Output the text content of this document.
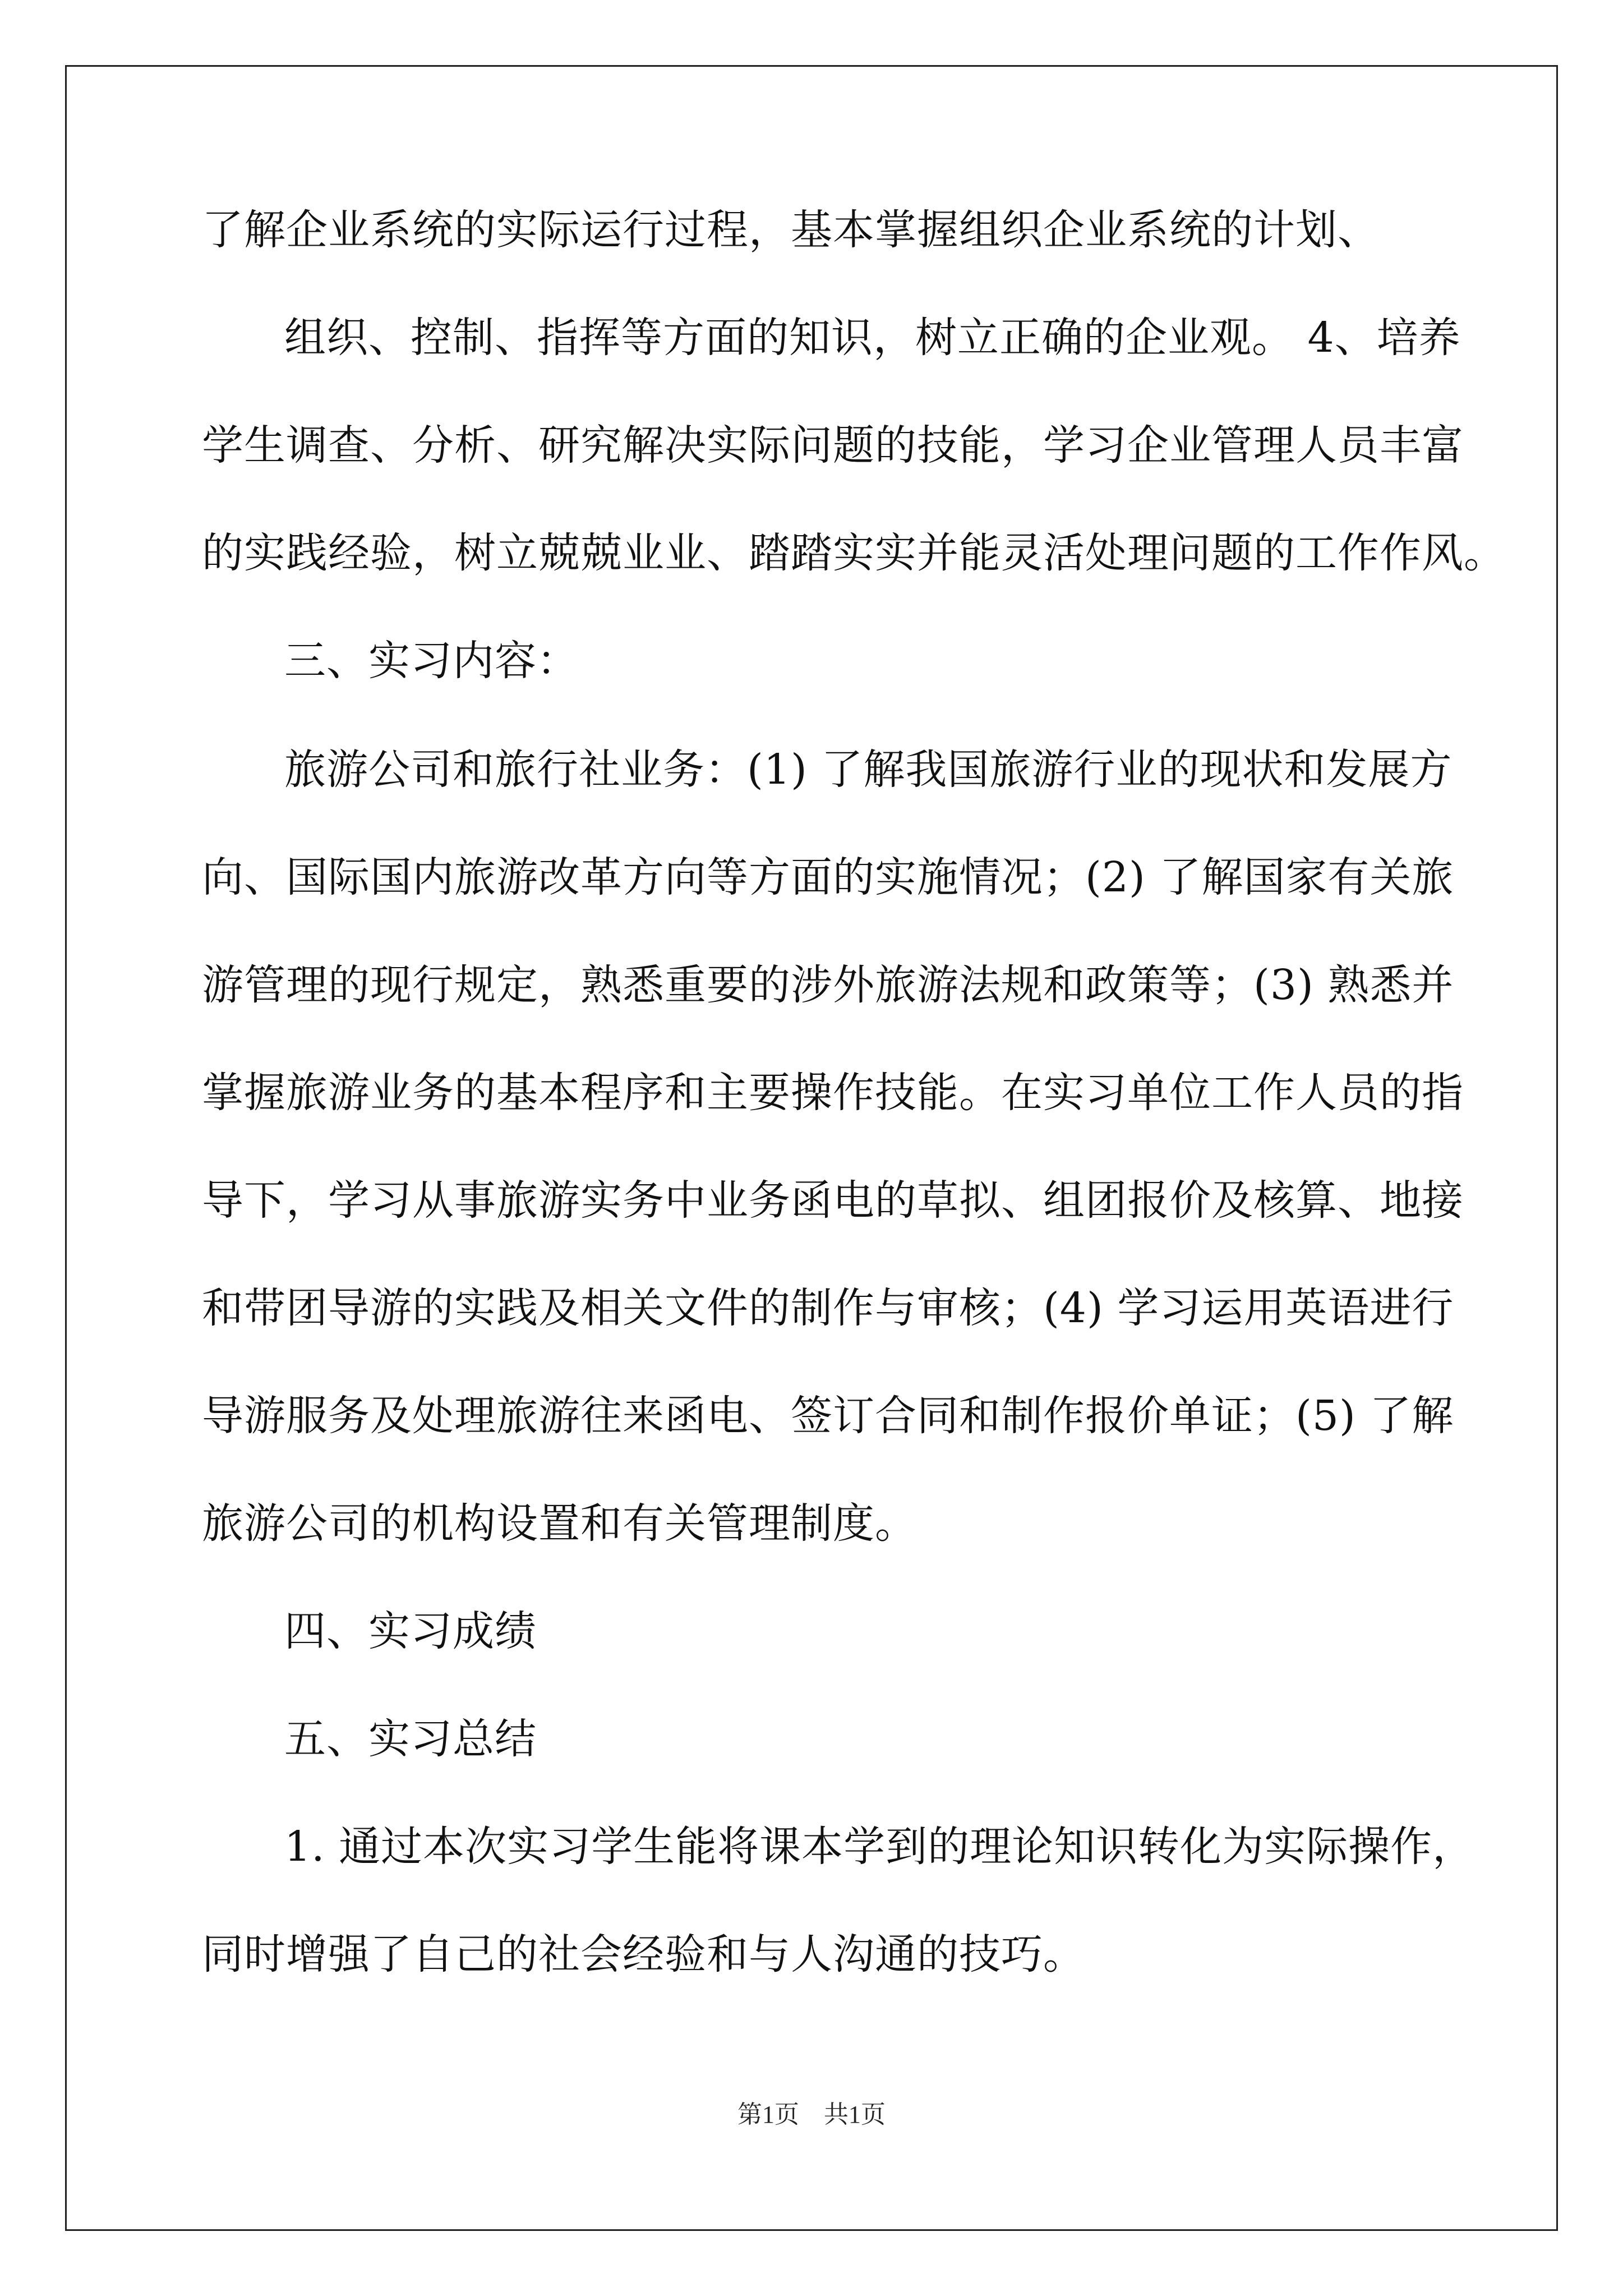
了解企业系统的实际运行过程，基本掌握组织企业系统的计划、
组织、控制、指挥等方面的知识，树立正确的企业观。 4、培养
学生调查、分析、研究解决实际问题的技能，学习企业管理人员丰富
的实践经验，树立兢兢业业、踏踏实实并能灵活处理问题的工作作风。
三、实习内容：
旅游公司和旅行社业务：(1) 了解我国旅游行业的现状和发展方
向、国际国内旅游改革方向等方面的实施情况；(2) 了解国家有关旅
游管理的现行规定，熟悉重要的涉外旅游法规和政策等；(3) 熟悉并
掌握旅游业务的基本程序和主要操作技能。在实习单位工作人员的指
导下，学习从事旅游实务中业务函电的草拟、组团报价及核算、地接
和带团导游的实践及相关文件的制作与审核；(4) 学习运用英语进行
导游服务及处理旅游往来函电、签订合同和制作报价单证；(5) 了解
旅游公司的机构设置和有关管理制度。
四、实习成绩
五、实习总结
1. 通过本次实习学生能将课本学到的理论知识转化为实际操作，
同时增强了自己的社会经验和与人沟通的技巧。
第1页　共1页
